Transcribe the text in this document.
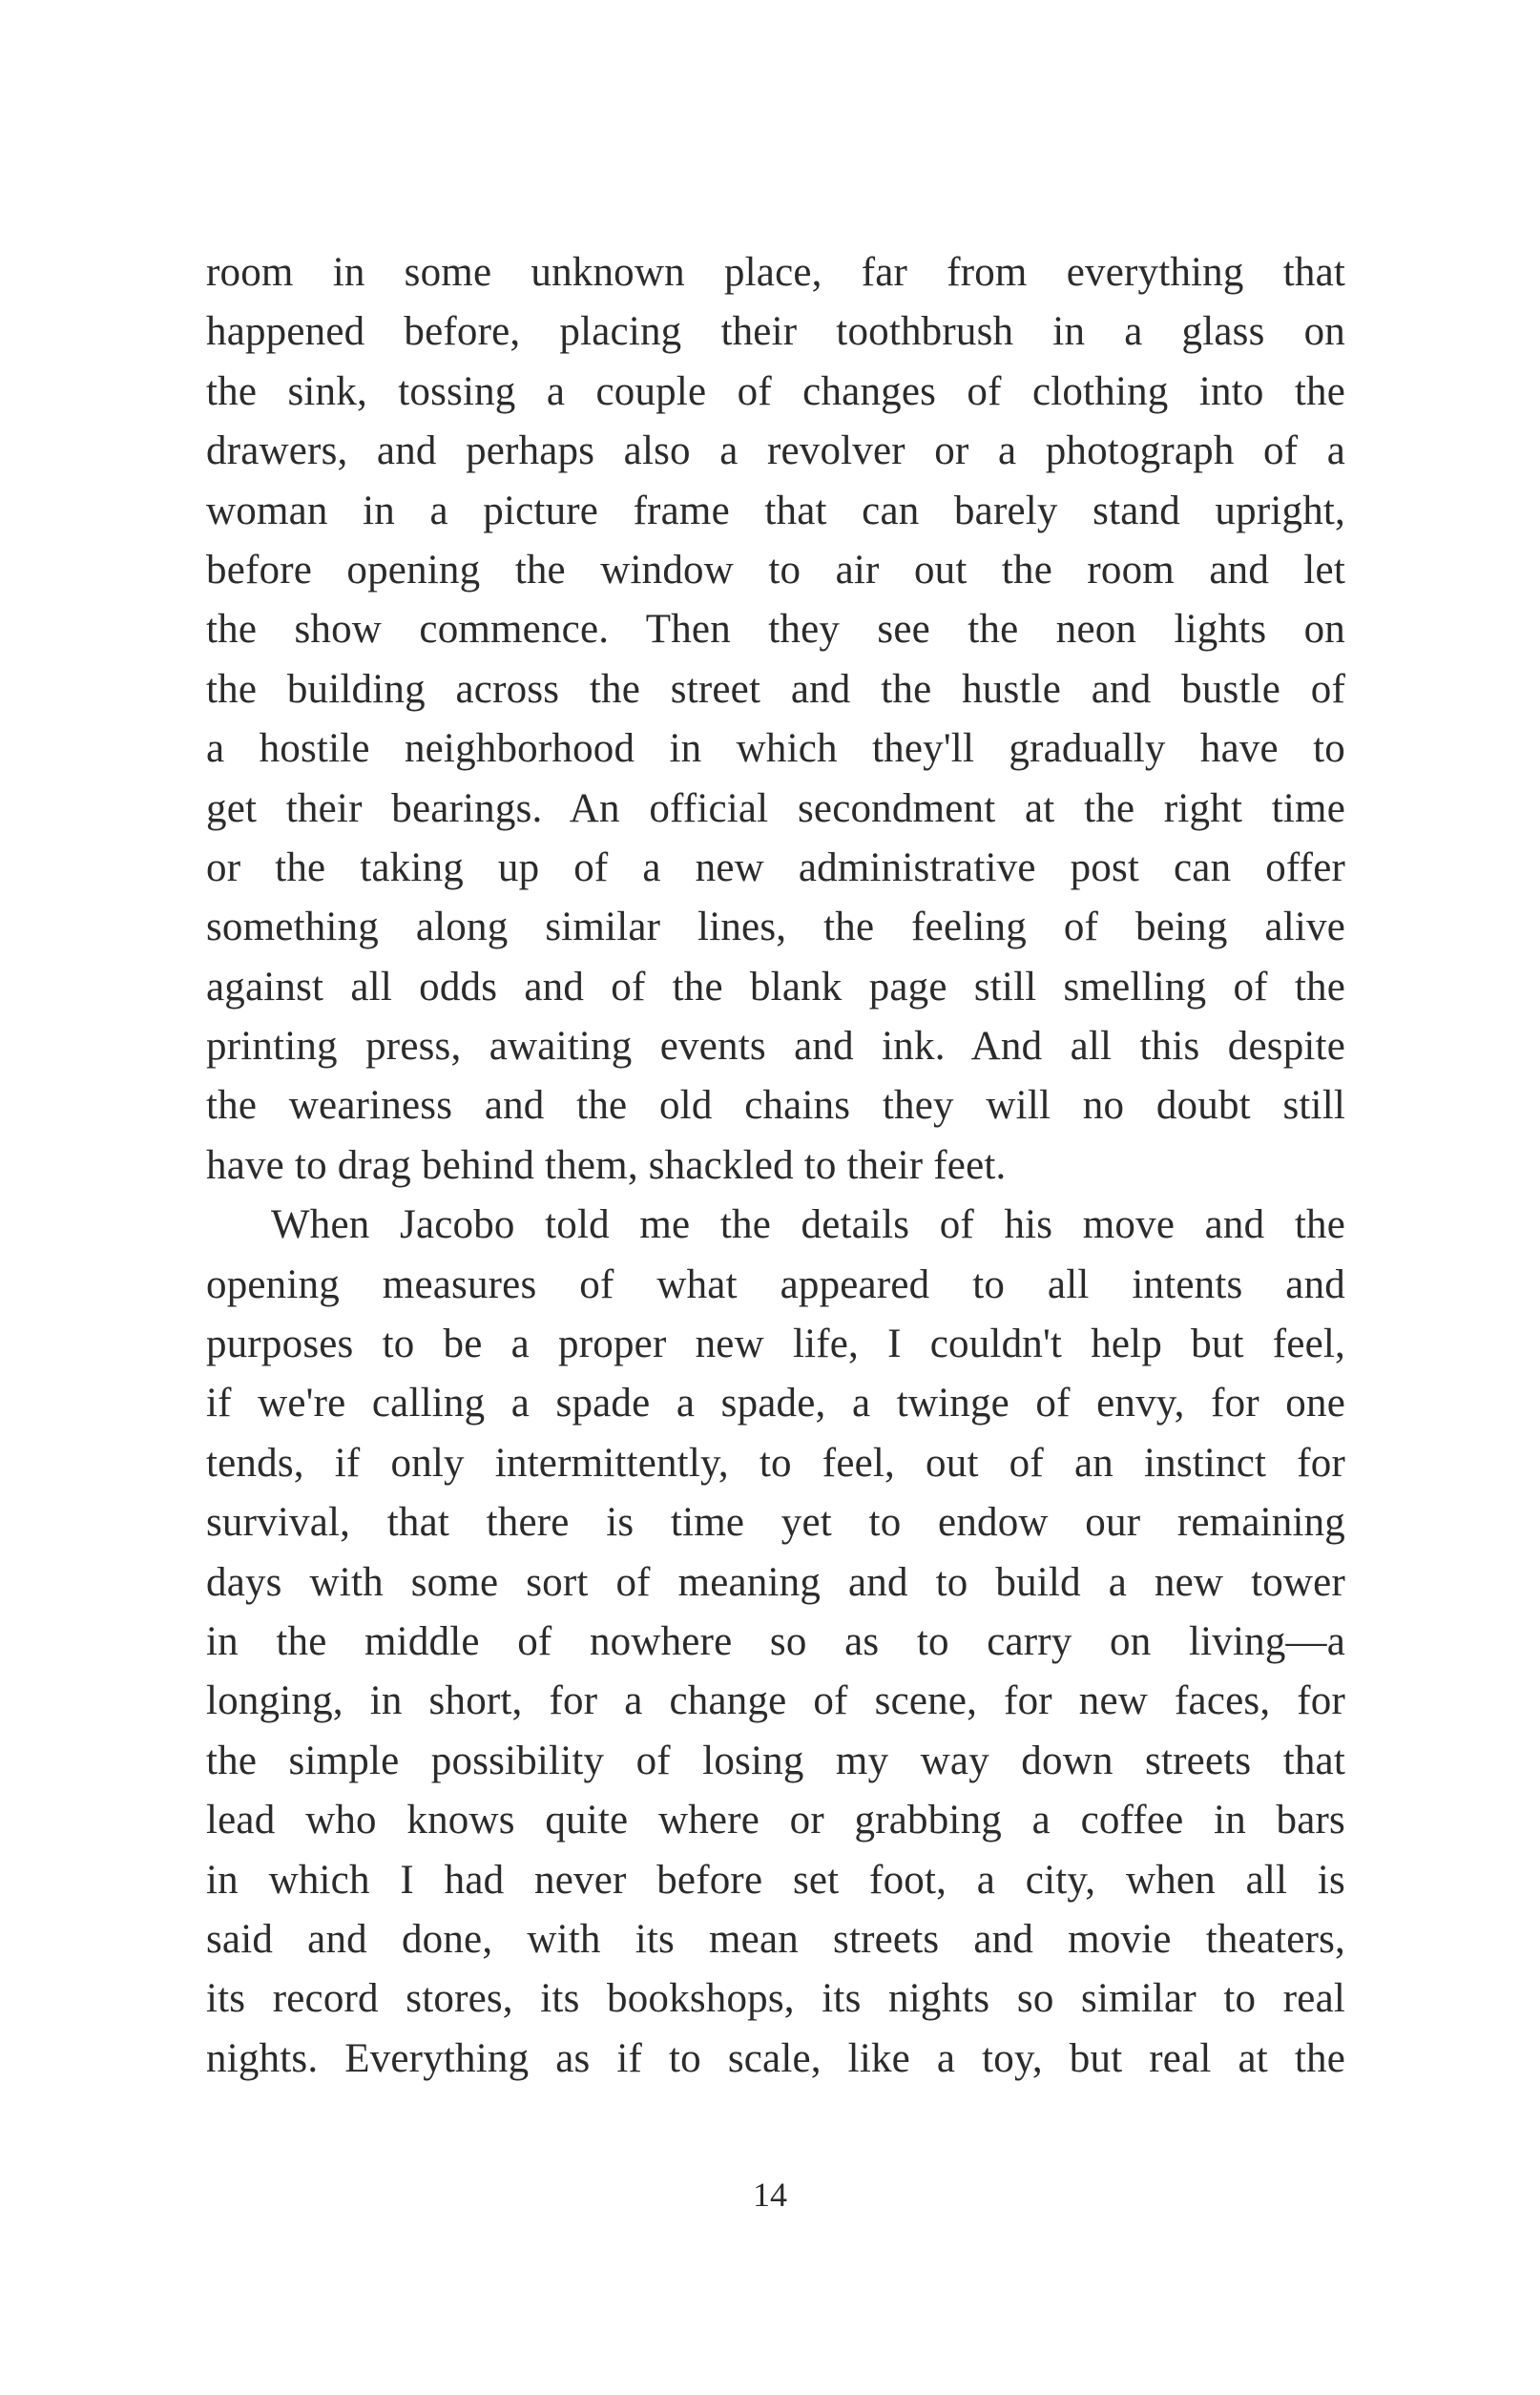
room in some unknown place, far from everything that
happened before, placing their toothbrush in a glass on
the sink, tossing a couple of changes of clothing into the
drawers, and perhaps also a revolver or a photograph of a
woman in a picture frame that can barely stand upright,
before opening the window to air out the room and let
the show commence. Then they see the neon lights on
the building across the street and the hustle and bustle of
a hostile neighborhood in which they'll gradually have to
get their bearings. An official secondment at the right time
or the taking up of a new administrative post can offer
something along similar lines, the feeling of being alive
against all odds and of the blank page still smelling of the
printing press, awaiting events and ink. And all this despite
the weariness and the old chains they will no doubt still
have to drag behind them, shackled to their feet.
When Jacobo told me the details of his move and the
opening measures of what appeared to all intents and
purposes to be a proper new life, I couldn't help but feel,
if we're calling a spade a spade, a twinge of envy, for one
tends, if only intermittently, to feel, out of an instinct for
survival, that there is time yet to endow our remaining
days with some sort of meaning and to build a new tower
in the middle of nowhere so as to carry on living—a
longing, in short, for a change of scene, for new faces, for
the simple possibility of losing my way down streets that
lead who knows quite where or grabbing a coffee in bars
in which I had never before set foot, a city, when all is
said and done, with its mean streets and movie theaters,
its record stores, its bookshops, its nights so similar to real
nights. Everything as if to scale, like a toy, but real at the
14
